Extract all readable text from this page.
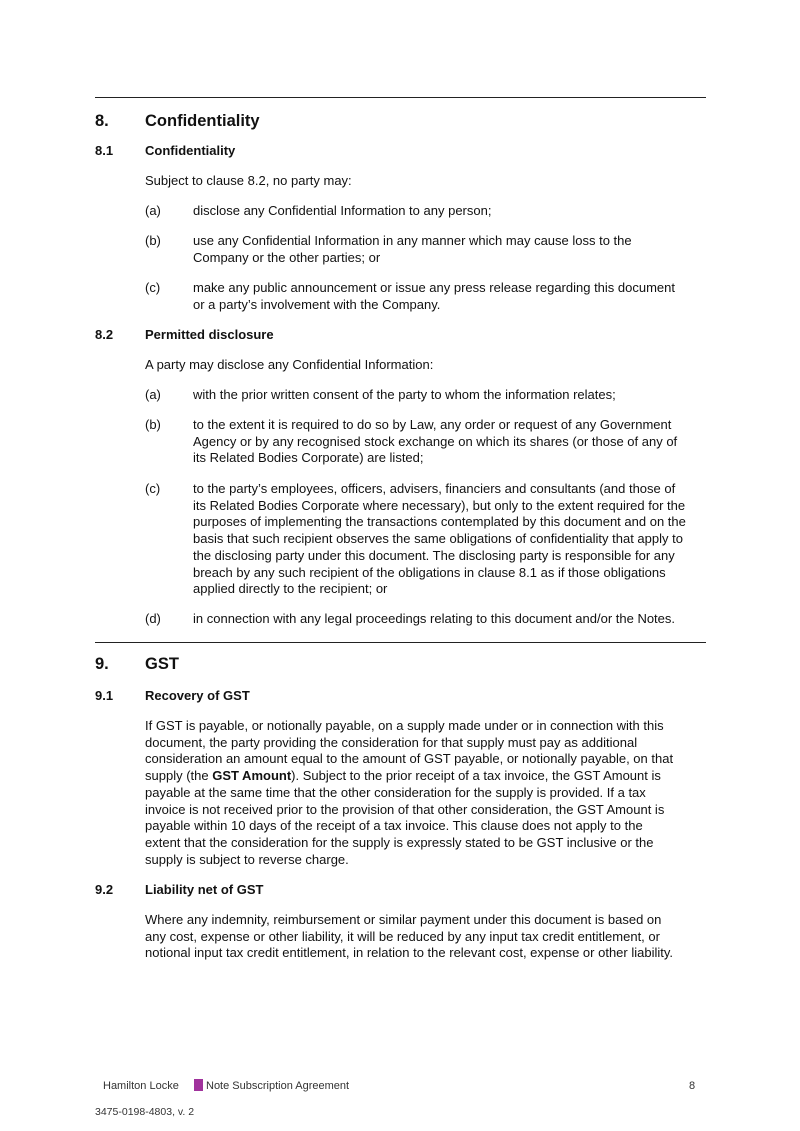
8. Confidentiality
8.1 Confidentiality
Subject to clause 8.2, no party may:
(a) disclose any Confidential Information to any person;
(b) use any Confidential Information in any manner which may cause loss to the
Company or the other parties; or
(c)	make any public announcement or issue any press release regarding this document
or a party’s involvement with the Company.
8.2 Permitted disclosure
A party may disclose any Confidential Information:
(a) with the prior written consent of the party to whom the information relates;
(b) to the extent it is required to do so by Law, any order or request of any Government
Agency or by any recognised stock exchange on which its shares (or those of any of
its Related Bodies Corporate) are listed;
(c)	to the party’s employees, officers, advisers, financiers and consultants (and those of
its Related Bodies Corporate where necessary), but only to the extent required for the
purposes of implementing the transactions contemplated by this document and on the
basis that such recipient observes the same obligations of confidentiality that apply to
the disclosing party under this document. The disclosing party is responsible for any
breach by any such recipient of the obligations in clause 8.1 as if those obligations
applied directly to the recipient; or
(d) in connection with any legal proceedings relating to this document and/or the Notes.
9. GST
9.1 Recovery of GST
If GST is payable, or notionally payable, on a supply made under or in connection with this
document, the party providing the consideration for that supply must pay as additional
consideration an amount equal to the amount of GST payable, or notionally payable, on that
supply (the GST Amount). Subject to the prior receipt of a tax invoice, the GST Amount is
payable at the same time that the other consideration for the supply is provided. If a tax
invoice is not received prior to the provision of that other consideration, the GST Amount is
payable within 10 days of the receipt of a tax invoice. This clause does not apply to the
extent that the consideration for the supply is expressly stated to be GST inclusive or the
supply is subject to reverse charge.
9.2 Liability net of GST
Where any indemnity, reimbursement or similar payment under this document is based on
any cost, expense or other liability, it will be reduced by any input tax credit entitlement, or
notional input tax credit entitlement, in relation to the relevant cost, expense or other liability.
Hamilton Locke	Note Subscription Agreement	8
3475-0198-4803, v. 2
